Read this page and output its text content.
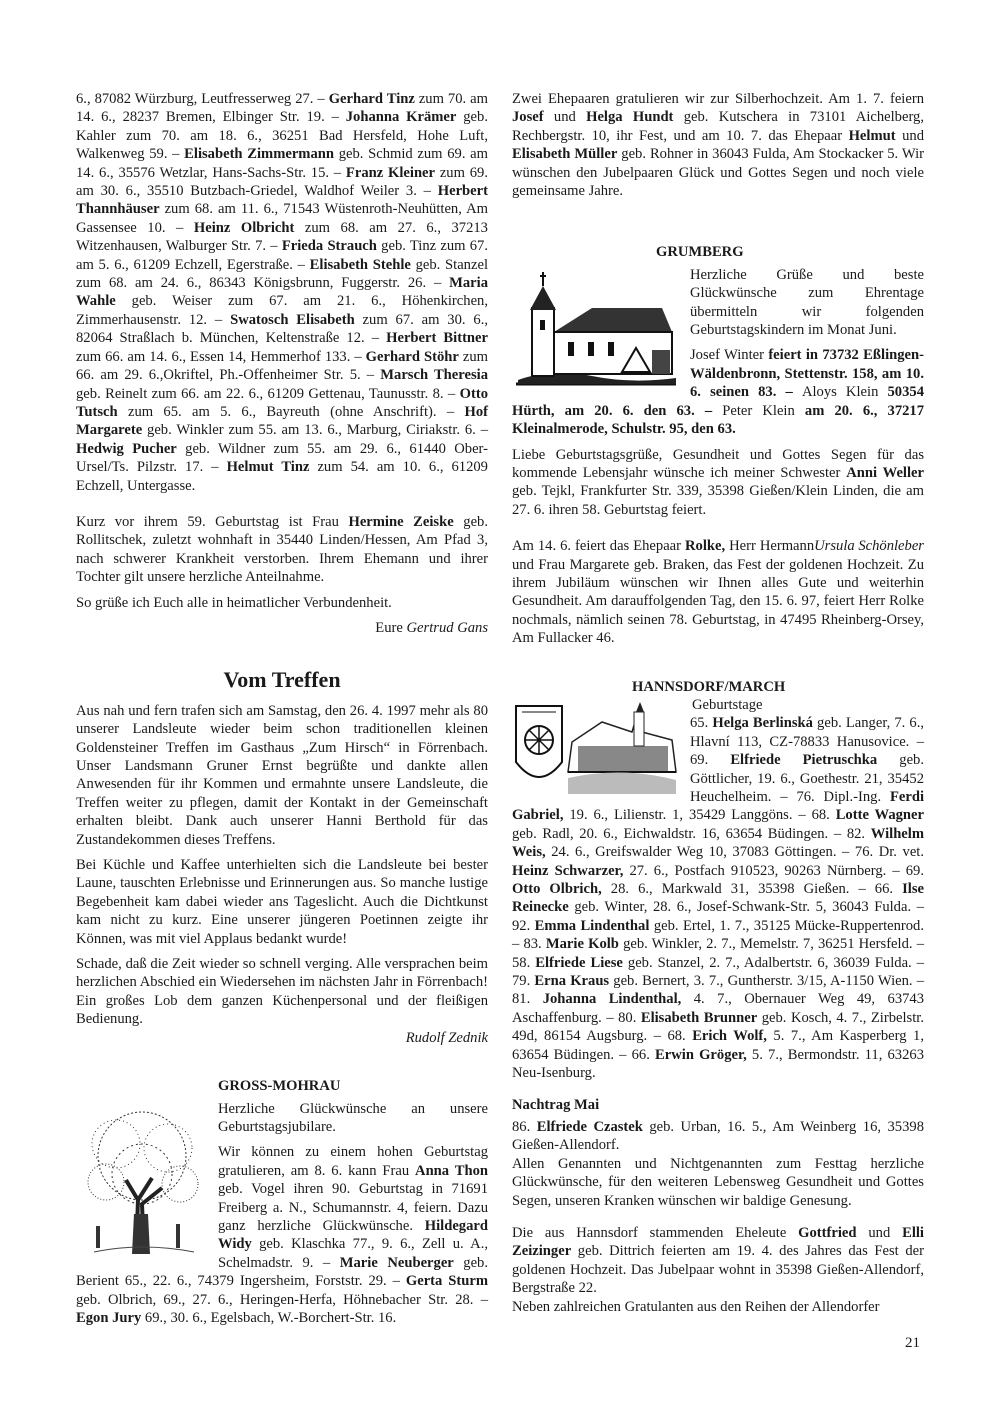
6., 87082 Würzburg, Leutfresserweg 27. – Gerhard Tinz zum 70. am 14. 6., 28237 Bremen, Elbinger Str. 19. – Johanna Krämer geb. Kahler zum 70. am 18. 6., 36251 Bad Hersfeld, Hohe Luft, Walkenweg 59. – Elisabeth Zimmermann geb. Schmid zum 69. am 14. 6., 35576 Wetzlar, Hans-Sachs-Str. 15. – Franz Kleiner zum 69. am 30. 6., 35510 Butzbach-Griedel, Waldhof Weiler 3. – Herbert Thannhäuser zum 68. am 11. 6., 71543 Wüstenroth-Neuhütten, Am Gassensee 10. – Heinz Olbricht zum 68. am 27. 6., 37213 Witzenhausen, Walburger Str. 7. – Frieda Strauch geb. Tinz zum 67. am 5. 6., 61209 Echzell, Egerstraße. – Elisabeth Stehle geb. Stanzel zum 68. am 24. 6., 86343 Königsbrunn, Fuggerstr. 26. – Maria Wahle geb. Weiser zum 67. am 21. 6., Höhenkirchen, Zimmerhausenstr. 12. – Swatosch Elisabeth zum 67. am 30. 6., 82064 Straßlach b. München, Keltenstraße 12. – Herbert Bittner zum 66. am 14. 6., Essen 14, Hemmerhof 133. – Gerhard Stöhr zum 66. am 29. 6.,Okriftel, Ph.-Offenheimer Str. 5. – Marsch Theresia geb. Reinelt zum 66. am 22. 6., 61209 Gettenau, Taunusstr. 8. – Otto Tutsch zum 65. am 5. 6., Bayreuth (ohne Anschrift). – Hof Margarete geb. Winkler zum 55. am 13. 6., Marburg, Ciriakstr. 6. – Hedwig Pucher geb. Wildner zum 55. am 29. 6., 61440 Ober-Ursel/Ts. Pilzstr. 17. – Helmut Tinz zum 54. am 10. 6., 61209 Echzell, Untergasse.

Kurz vor ihrem 59. Geburtstag ist Frau Hermine Zeiske geb. Rollitschek, zuletzt wohnhaft in 35440 Linden/Hessen, Am Pfad 3, nach schwerer Krankheit verstorben. Ihrem Ehemann und ihrer Tochter gilt unsere herzliche Anteilnahme.

So grüße ich Euch alle in heimatlicher Verbundenheit.

Eure Gertrud Gans
Vom Treffen

Aus nah und fern trafen sich am Samstag, den 26. 4. 1997 mehr als 80 unserer Landsleute wieder beim schon traditionellen kleinen Goldensteiner Treffen im Gasthaus „Zum Hirsch“ in Förrenbach. Unser Landsmann Gruner Ernst begrüßte und dankte allen Anwesenden für ihr Kommen und ermahnte unsere Landsleute, die Treffen weiter zu pflegen, damit der Kontakt in der Gemeinschaft erhalten bleibt. Dank auch unserer Hanni Berthold für das Zustandekommen dieses Treffens.

Bei Küchle und Kaffee unterhielten sich die Landsleute bei bester Laune, tauschten Erlebnisse und Erinnerungen aus. So manche lustige Begebenheit kam dabei wieder ans Tageslicht. Auch die Dichtkunst kam nicht zu kurz. Eine unserer jüngeren Poetinnen zeigte ihr Können, was mit viel Applaus bedankt wurde!

Schade, daß die Zeit wieder so schnell verging. Alle versprachen beim herzlichen Abschied ein Wiedersehen im nächsten Jahr in Förrenbach! Ein großes Lob dem ganzen Küchenpersonal und der fleißigen Bedienung.

Rudolf Zednik
GROSS-MOHRAU

Herzliche Glückwünsche an unsere Geburtstagsjubilare.

Wir können zu einem hohen Geburtstag gratulieren, am 8. 6. kann Frau Anna Thon geb. Vogel ihren 90. Geburtstag in 71691 Freiberg a. N., Schumannstr. 4, feiern. Dazu ganz herzliche Glückwünsche. Hildegard Widy geb. Klaschka 77., 9. 6., Zell u. A., Schelmadstr. 9. – Marie Neuberger geb. Berient 65., 22. 6., 74379 Ingersheim, Forststr. 29. – Gerta Sturm geb. Olbrich, 69., 27. 6., Heringen-Herfa, Höhnebacher Str. 28. – Egon Jury 69., 30. 6., Egelsbach, W.-Borchert-Str. 16.

Zwei Ehepaaren gratulieren wir zur Silberhochzeit. Am 1. 7. feiern Josef und Helga Hundt geb. Kutschera in 73101 Aichelberg, Rechbergstr. 10, ihr Fest, und am 10. 7. das Ehepaar Helmut und Elisabeth Müller geb. Rohner in 36043 Fulda, Am Stockacker 5. Wir wünschen den Jubelpaaren Glück und Gottes Segen und noch viele gemeinsame Jahre.

GRUMBERG

Herzliche Grüße und beste Glückwünsche zum Ehrentage übermitteln wir folgenden Geburtstagskindern im Monat Juni.

Josef Winter feiert in 73732 Eßlingen-Wäldenbronn, Stettenstr. 158, am 10. 6. seinen 83. – Aloys Klein 50354 Hürth, am 20. 6. den 63. – Peter Klein am 20. 6., 37217 Kleinalmerode, Schulstr. 95, den 63.

Liebe Geburtstagsgrüße, Gesundheit und Gottes Segen für das kommende Lebensjahr wünsche ich meiner Schwester Anni Weller geb. Tejkl, Frankfurter Str. 339, 35398 Gießen/Klein Linden, die am 27. 6. ihren 58. Geburtstag feiert.

Ursula Schönleber
Am 14. 6. feiert das Ehepaar Rolke, Herr Hermann und Frau Margarete geb. Braken, das Fest der goldenen Hochzeit. Zu ihrem Jubiläum wünschen wir Ihnen alles Gute und weiterhin Gesundheit. Am darauffolgenden Tag, den 15. 6. 97, feiert Herr Rolke nochmals, nämlich seinen 78. Geburtstag, in 47495 Rheinberg-Orsey, Am Fullacker 46.

HANNSDORF/MARCH
Geburtstage

65. Helga Berlinská geb. Langer, 7. 6., Hlavní 113, CZ-78833 Hanusovice. – 69. Elfriede Pietruschka geb. Göttlicher, 19. 6., Goethestr. 21, 35452 Heuchelheim. – 76. Dipl.-Ing. Ferdi Gabriel, 19. 6., Lilienstr. 1, 35429 Langgöns. – 68. Lotte Wagner geb. Radl, 20. 6., Eichwaldstr. 16, 63654 Büdingen. – 82. Wilhelm Weis, 24. 6., Greifswalder Weg 10, 37083 Göttingen. – 76. Dr. vet. Heinz Schwarzer, 27. 6., Postfach 910523, 90263 Nürnberg. – 69. Otto Olbrich, 28. 6., Markwald 31, 35398 Gießen. – 66. Ilse Reinecke geb. Winter, 28. 6., Josef-Schwank-Str. 5, 36043 Fulda. – 92. Emma Lindenthal geb. Ertel, 1. 7., 35125 Mücke-Ruppertenrod. – 83. Marie Kolb geb. Winkler, 2. 7., Memelstr. 7, 36251 Hersfeld. – 58. Elfriede Liese geb. Stanzel, 2. 7., Adalbertstr. 6, 36039 Fulda. – 79. Erna Kraus geb. Bernert, 3. 7., Guntherstr. 3/15, A-1150 Wien. – 81. Johanna Lindenthal, 4. 7., Obernauer Weg 49, 63743 Aschaffenburg. – 80. Elisabeth Brunner geb. Kosch, 4. 7., Zirbelstr. 49d, 86154 Augsburg. – 68. Erich Wolf, 5. 7., Am Kasperberg 1, 63654 Büdingen. – 66. Erwin Gröger, 5. 7., Bermondstr. 11, 63263 Neu-Isenburg.

Nachtrag Mai

86. Elfriede Czastek geb. Urban, 16. 5., Am Weinberg 16, 35398 Gießen-Allendorf.

Allen Genannten und Nichtgenannten zum Festtag herzliche Glückwünsche, für den weiteren Lebensweg Gesundheit und Gottes Segen, unseren Kranken wünschen wir baldige Genesung.

Die aus Hannsdorf stammenden Eheleute Gottfried und Elli Zeizinger geb. Dittrich feierten am 19. 4. des Jahres das Fest der goldenen Hochzeit. Das Jubelpaar wohnt in 35398 Gießen-Allendorf, Bergstraße 22.

Neben zahlreichen Gratulanten aus den Reihen der Allendorfer

21
